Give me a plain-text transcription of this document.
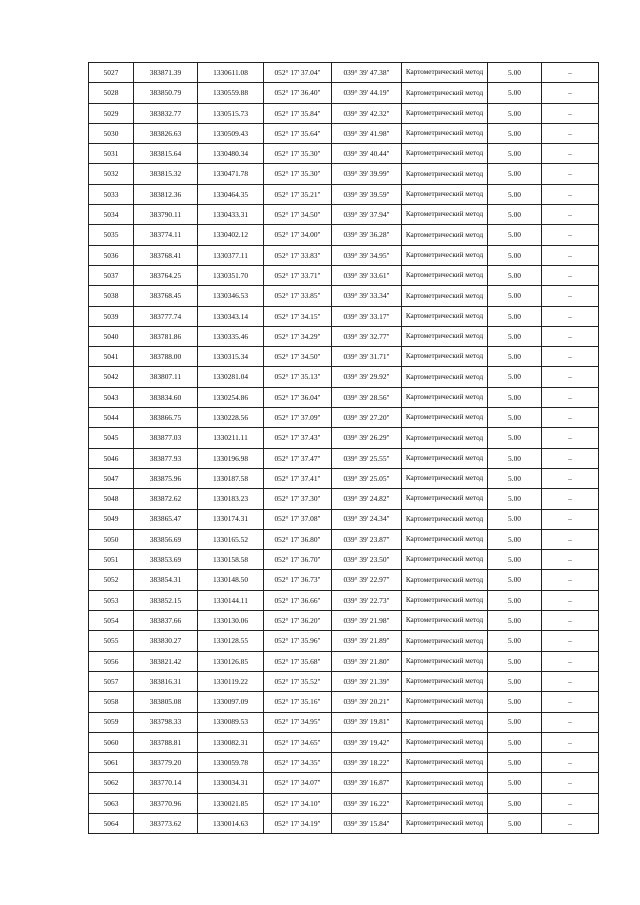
5027	383871.39	1330611.08	052° 17' 37.04"	039° 39' 47.38"	Картометрический метод	5.00	–
5028	383850.79	1330559.88	052° 17' 36.40"	039° 39' 44.19"	Картометрический метод	5.00	–
5029	383832.77	1330515.73	052° 17' 35.84"	039° 39' 42.32"	Картометрический метод	5.00	–
5030	383826.63	1330509.43	052° 17' 35.64"	039° 39' 41.98"	Картометрический метод	5.00	–
5031	383815.64	1330480.34	052° 17' 35.30"	039° 39' 40.44"	Картометрический метод	5.00	–
5032	383815.32	1330471.78	052° 17' 35.30"	039° 39' 39.99"	Картометрический метод	5.00	–
5033	383812.36	1330464.35	052° 17' 35.21"	039° 39' 39.59"	Картометрический метод	5.00	–
5034	383790.11	1330433.31	052° 17' 34.50"	039° 39' 37.94"	Картометрический метод	5.00	–
5035	383774.11	1330402.12	052° 17' 34.00"	039° 39' 36.28"	Картометрический метод	5.00	–
5036	383768.41	1330377.11	052° 17' 33.83"	039° 39' 34.95"	Картометрический метод	5.00	–
5037	383764.25	1330351.70	052° 17' 33.71"	039° 39' 33.61"	Картометрический метод	5.00	–
5038	383768.45	1330346.53	052° 17' 33.85"	039° 39' 33.34"	Картометрический метод	5.00	–
5039	383777.74	1330343.14	052° 17' 34.15"	039° 39' 33.17"	Картометрический метод	5.00	–
5040	383781.86	1330335.46	052° 17' 34.29"	039° 39' 32.77"	Картометрический метод	5.00	–
5041	383788.00	1330315.34	052° 17' 34.50"	039° 39' 31.71"	Картометрический метод	5.00	–
5042	383807.11	1330281.04	052° 17' 35.13"	039° 39' 29.92"	Картометрический метод	5.00	–
5043	383834.60	1330254.86	052° 17' 36.04"	039° 39' 28.56"	Картометрический метод	5.00	–
5044	383866.75	1330228.56	052° 17' 37.09"	039° 39' 27.20"	Картометрический метод	5.00	–
5045	383877.03	1330211.11	052° 17' 37.43"	039° 39' 26.29"	Картометрический метод	5.00	–
5046	383877.93	1330196.98	052° 17' 37.47"	039° 39' 25.55"	Картометрический метод	5.00	–
5047	383875.96	1330187.58	052° 17' 37.41"	039° 39' 25.05"	Картометрический метод	5.00	–
5048	383872.62	1330183.23	052° 17' 37.30"	039° 39' 24.82"	Картометрический метод	5.00	–
5049	383865.47	1330174.31	052° 17' 37.08"	039° 39' 24.34"	Картометрический метод	5.00	–
5050	383856.69	1330165.52	052° 17' 36.80"	039° 39' 23.87"	Картометрический метод	5.00	–
5051	383853.69	1330158.58	052° 17' 36.70"	039° 39' 23.50"	Картометрический метод	5.00	–
5052	383854.31	1330148.50	052° 17' 36.73"	039° 39' 22.97"	Картометрический метод	5.00	–
5053	383852.15	1330144.11	052° 17' 36.66"	039° 39' 22.73"	Картометрический метод	5.00	–
5054	383837.66	1330130.06	052° 17' 36.20"	039° 39' 21.98"	Картометрический метод	5.00	–
5055	383830.27	1330128.55	052° 17' 35.96"	039° 39' 21.89"	Картометрический метод	5.00	–
5056	383821.42	1330126.85	052° 17' 35.68"	039° 39' 21.80"	Картометрический метод	5.00	–
5057	383816.31	1330119.22	052° 17' 35.52"	039° 39' 21.39"	Картометрический метод	5.00	–
5058	383805.08	1330097.09	052° 17' 35.16"	039° 39' 20.21"	Картометрический метод	5.00	–
5059	383798.33	1330089.53	052° 17' 34.95"	039° 39' 19.81"	Картометрический метод	5.00	–
5060	383788.81	1330082.31	052° 17' 34.65"	039° 39' 19.42"	Картометрический метод	5.00	–
5061	383779.20	1330059.78	052° 17' 34.35"	039° 39' 18.22"	Картометрический метод	5.00	–
5062	383770.14	1330034.31	052° 17' 34.07"	039° 39' 16.87"	Картометрический метод	5.00	–
5063	383770.96	1330021.85	052° 17' 34.10"	039° 39' 16.22"	Картометрический метод	5.00	–
5064	383773.62	1330014.63	052° 17' 34.19"	039° 39' 15.84"	Картометрический метод	5.00	–
